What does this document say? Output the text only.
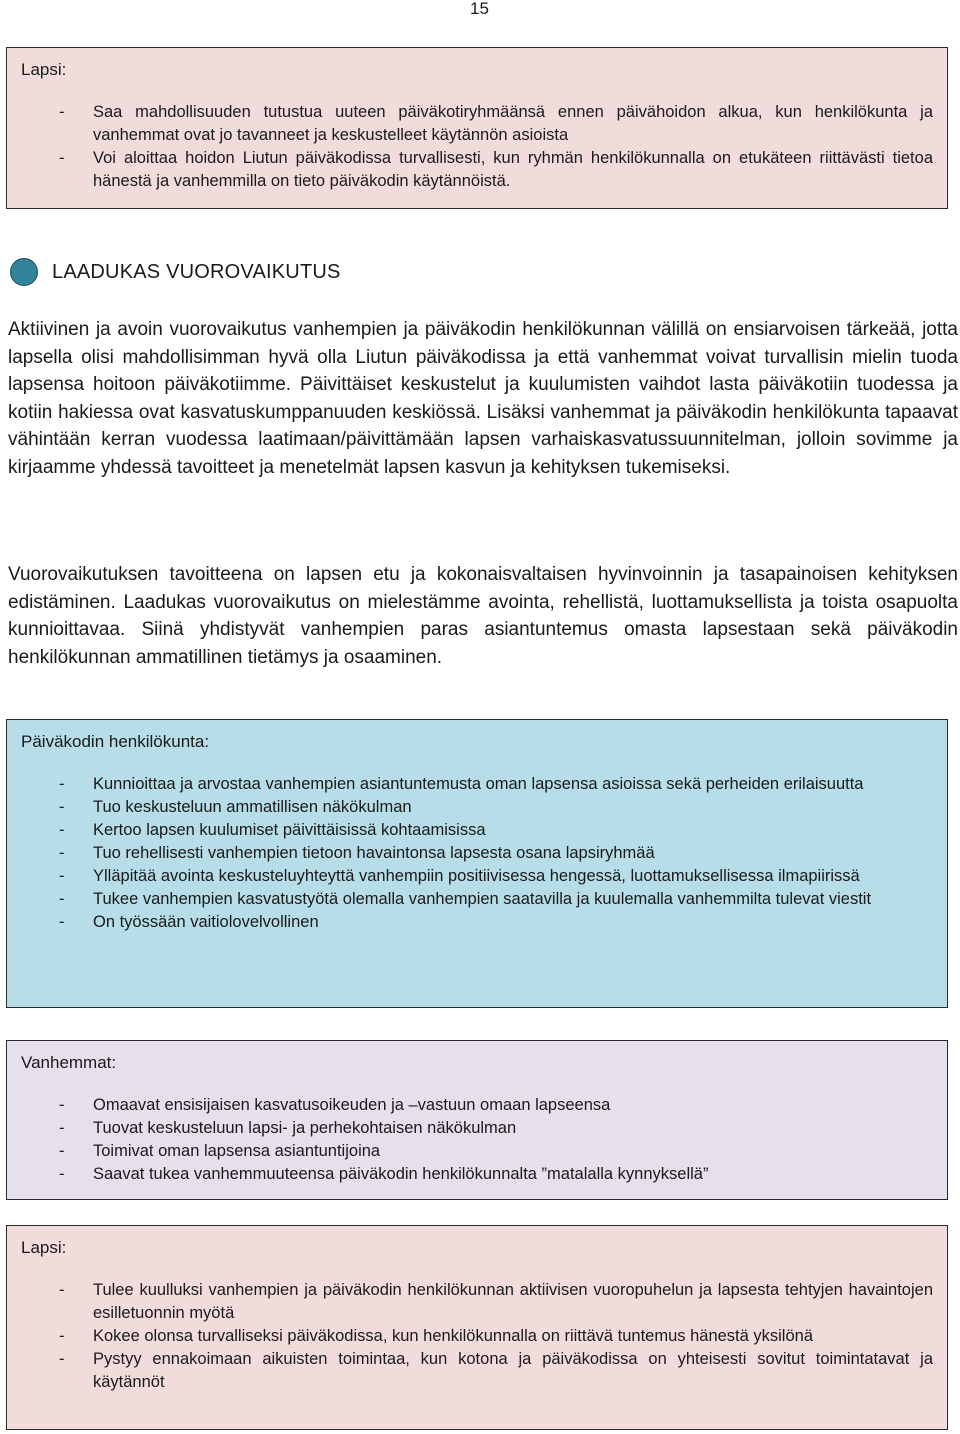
15
Lapsi:
- Saa mahdollisuuden tutustua uuteen päiväkotiryhmäänsä ennen päivähoidon alkua, kun henkilökunta ja vanhemmat ovat jo tavanneet ja keskustelleet käytännön asioista
- Voi aloittaa hoidon Liutun päiväkodissa turvallisesti, kun ryhmän henkilökunnalla on etukäteen riittävästi tietoa hänestä ja vanhemmilla on tieto päiväkodin käytännöistä.
LAADUKAS VUOROVAIKUTUS

Aktiivinen ja avoin vuorovaikutus vanhempien ja päiväkodin henkilökunnan välillä on ensiarvoisen tärkeää, jotta lapsella olisi mahdollisimman hyvä olla Liutun päiväkodissa ja että vanhemmat voivat turvallisin mielin tuoda lapsensa hoitoon päiväkotiimme. Päivittäiset keskustelut ja kuulumisten vaihdot lasta päiväkotiin tuodessa ja kotiin hakiessa ovat kasvatuskumppanuuden keskiössä. Lisäksi vanhemmat ja päiväkodin henkilökunta tapaavat vähintään kerran vuodessa laatimaan/päivittämään lapsen varhaiskasvatussuunnitelman, jolloin sovimme ja kirjaamme yhdessä tavoitteet ja menetelmät lapsen kasvun ja kehityksen tukemiseksi.

Vuorovaikutuksen tavoitteena on lapsen etu ja kokonaisvaltaisen hyvinvoinnin ja tasapainoisen kehityksen edistäminen. Laadukas vuorovaikutus on mielestämme avointa, rehellistä, luottamuksellista ja toista osapuolta kunnioittavaa. Siinä yhdistyvät vanhempien paras asiantuntemus omasta lapsestaan sekä päiväkodin henkilökunnan ammatillinen tietämys ja osaaminen.

Päiväkodin henkilökunta:
- Kunnioittaa ja arvostaa vanhempien asiantuntemusta oman lapsensa asioissa sekä perheiden erilaisuutta
- Tuo keskusteluun ammatillisen näkökulman
- Kertoo lapsen kuulumiset päivittäisissä kohtaamisissa
- Tuo rehellisesti vanhempien tietoon havaintonsa lapsesta osana lapsiryhmää
- Ylläpitää avointa keskusteluyhteyttä vanhempiin positiivisessa hengessä, luottamuksellisessa ilmapiirissä
- Tukee vanhempien kasvatustyötä olemalla vanhempien saatavilla ja kuulemalla vanhemmilta tulevat viestit
- On työssään vaitiolovelvollinen
Vanhemmat:
- Omaavat ensisijaisen kasvatusoikeuden ja –vastuun omaan lapseensa
- Tuovat keskusteluun lapsi- ja perhekohtaisen näkökulman
- Toimivat oman lapsensa asiantuntijoina
- Saavat tukea vanhemmuuteensa päiväkodin henkilökunnalta ”matalalla kynnyksellä”
Lapsi:
- Tulee kuulluksi vanhempien ja päiväkodin henkilökunnan aktiivisen vuoropuhelun ja lapsesta tehtyjen havaintojen esilletuonnin myötä
- Kokee olonsa turvalliseksi päiväkodissa, kun henkilökunnalla on riittävä tuntemus hänestä yksilönä
- Pystyy ennakoimaan aikuisten toimintaa, kun kotona ja päiväkodissa on yhteisesti sovitut toimintatavat ja käytännöt
